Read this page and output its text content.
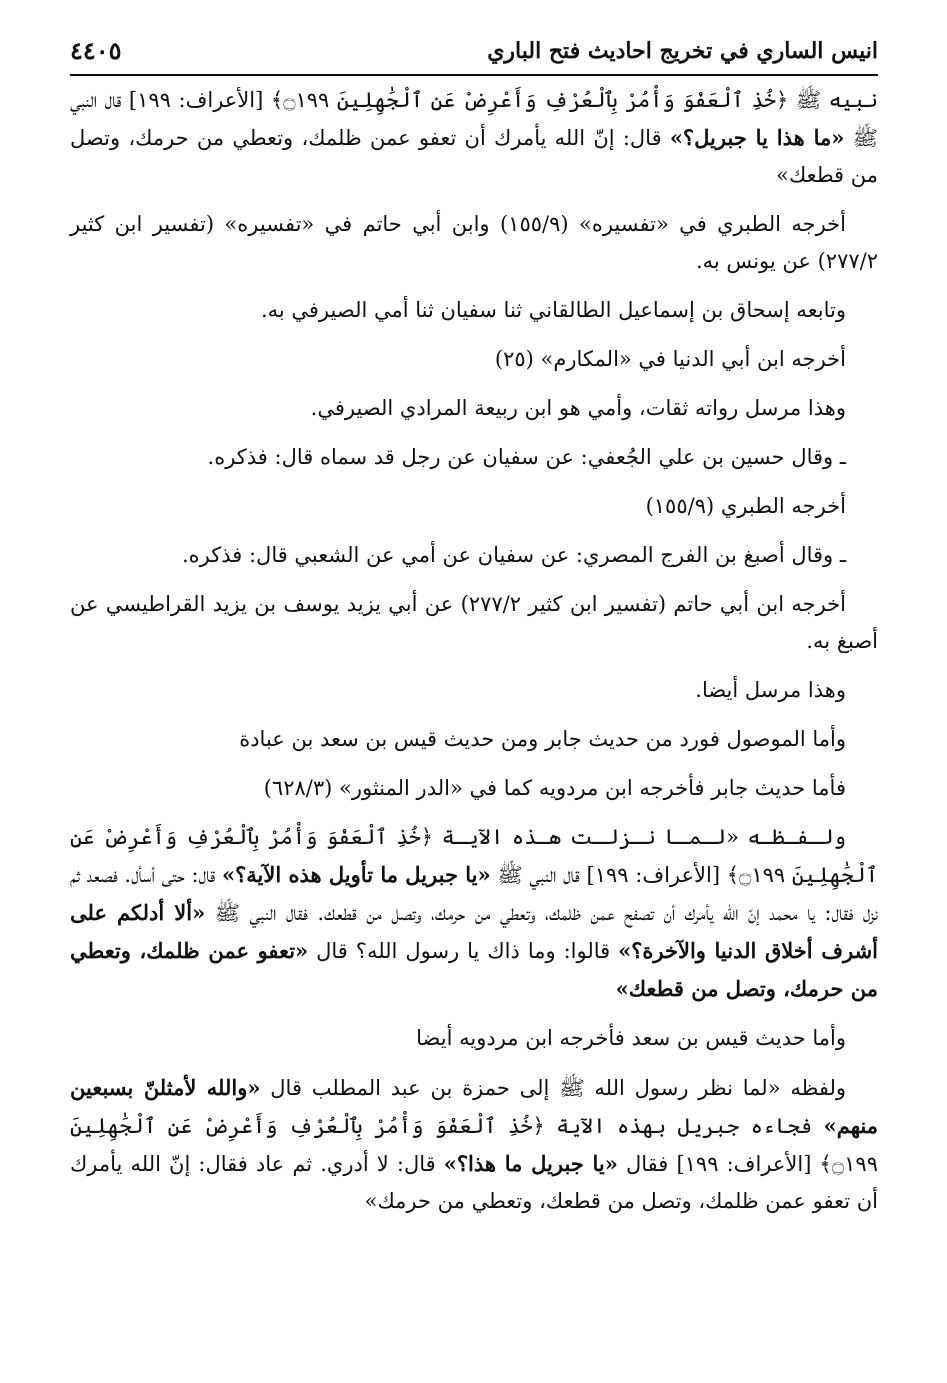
انيس الساري في تخريج احاديث فتح الباري
٤٤٠٥

نبيه ﷺ ﴿خُذِ ٱلْعَفْوَ وَأْمُرْ بِٱلْعُرْفِ وَأَعْرِضْ عَنِ ٱلْجَٰهِلِينَ ۝١٩٩﴾ [الأعراف: ١٩٩] قال النبي ﷺ «ما هذا يا جبريل؟» قال: إنّ الله يأمرك أن تعفو عمن ظلمك، وتعطي من حرمك، وتصل من قطعك»

أخرجه الطبري في «تفسيره» (١٥٥/٩) وابن أبي حاتم في «تفسيره» (تفسير ابن كثير ٢٧٧/٢) عن يونس به.

وتابعه إسحاق بن إسماعيل الطالقاني ثنا سفيان ثنا أمي الصيرفي به.

أخرجه ابن أبي الدنيا في «المكارم» (٢٥)

وهذا مرسل رواته ثقات، وأمي هو ابن ربيعة المرادي الصيرفي.

ـ وقال حسين بن علي الجُعفي: عن سفيان عن رجل قد سماه قال: فذكره.

أخرجه الطبري (١٥٥/٩)

ـ وقال أصبغ بن الفرج المصري: عن سفيان عن أمي عن الشعبي قال: فذكره.

أخرجه ابن أبي حاتم (تفسير ابن كثير ٢٧٧/٢) عن أبي يزيد يوسف بن يزيد القراطيسي عن أصبغ به.

وهذا مرسل أيضا.

وأما الموصول فورد من حديث جابر ومن حديث قيس بن سعد بن عبادة

فأما حديث جابر فأخرجه ابن مردويه كما في «الدر المنثور» (٦٢٨/٣)

ولـفـظـه «لـمـا نـزلـت هـذه الآيـة ﴿خُذِ ٱلْعَفْوَ وَأْمُرْ بِٱلْعُرْفِ وَأَعْرِضْ عَنِ ٱلْجَٰهِلِينَ ۝١٩٩﴾ [الأعراف: ١٩٩] قال النبي ﷺ «يا جبريل ما تأويل هذه الآية؟» قال: حتى أسأل. فصعد ثم نزل فقال: يا محمد إنّ الله يأمرك أن تصفح عمن ظلمك، وتعطي من حرمك، وتصل من قطعك. فقال النبي ﷺ «ألا أدلكم على أشرف أخلاق الدنيا والآخرة؟» قالوا: وما ذاك يا رسول الله؟ قال «تعفو عمن ظلمك، وتعطي من حرمك، وتصل من قطعك»

وأما حديث قيس بن سعد فأخرجه ابن مردويه أيضا

ولفظه «لما نظر رسول الله ﷺ إلى حمزة بن عبد المطلب قال «والله لأمثلنّ بسبعين منهم» فجاءه جبريل بهذه الآية ﴿خُذِ ٱلْعَفْوَ وَأْمُرْ بِٱلْعُرْفِ وَأَعْرِضْ عَنِ ٱلْجَٰهِلِينَ ۝١٩٩﴾ [الأعراف: ١٩٩] فقال «يا جبريل ما هذا؟» قال: لا أدري. ثم عاد فقال: إنّ الله يأمرك أن تعفو عمن ظلمك، وتصل من قطعك، وتعطي من حرمك»
